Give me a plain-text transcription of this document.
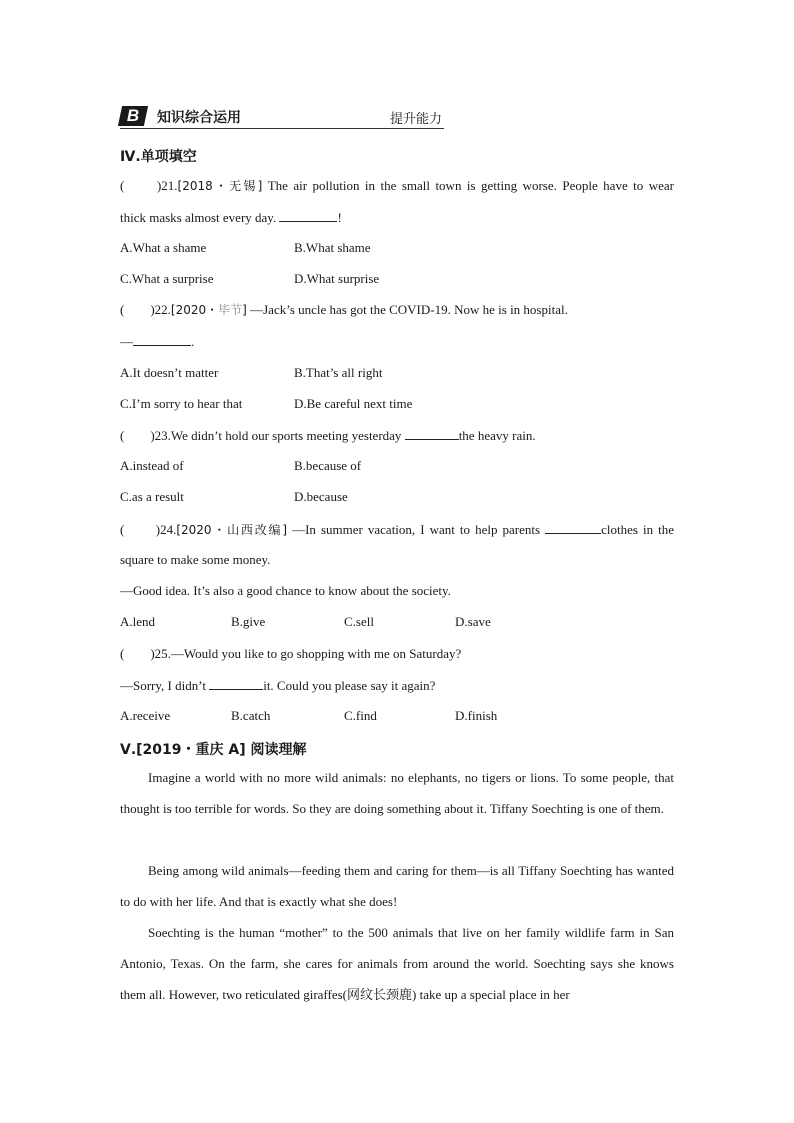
B	知识综合运用	提升能力
Ⅳ.单项填空
(　　)21.[2018・无锡] The air pollution in the small town is getting worse. People have to wear
thick masks almost every day.	!
A.What a shame	B.What shame
C.What a surprise	D.What surprise
(　　)22.[2020・毕节] —Jack’s uncle has got the COVID-19. Now he is in hospital.
—	.
A.It doesn’t matter	B.That’s all right
C.I’m sorry to hear that	D.Be careful next time
(　　)23.We didn’t hold our sports meeting yesterday	the heavy rain.
A.instead of	B.because of
C.as a result	D.because
(　　)24.[2020・山西改编] —In summer vacation, I want to help parents	clothes in the
square to make some money.
—Good idea. It’s also a good chance to know about the society.
A.lend	B.give	C.sell	D.save
(　　)25.—Would you like to go shopping with me on Saturday?
—Sorry, I didn’t	it. Could you please say it again?
A.receive	B.catch	C.find	D.finish
Ⅴ.[2019・重庆 A] 阅读理解
Imagine a world with no more wild animals: no elephants, no tigers or lions. To some people, that thought is too terrible for words. So they are doing something about it. Tiffany Soechting is one of them.
Being among wild animals—feeding them and caring for them—is all Tiffany Soechting has wanted to do with her life. And that is exactly what she does!
Soechting is the human “mother” to the 500 animals that live on her family wildlife farm in San Antonio, Texas. On the farm, she cares for animals from around the world. Soechting says she knows them all. However, two reticulated giraffes(网纹长颈鹿) take up a special place in her
